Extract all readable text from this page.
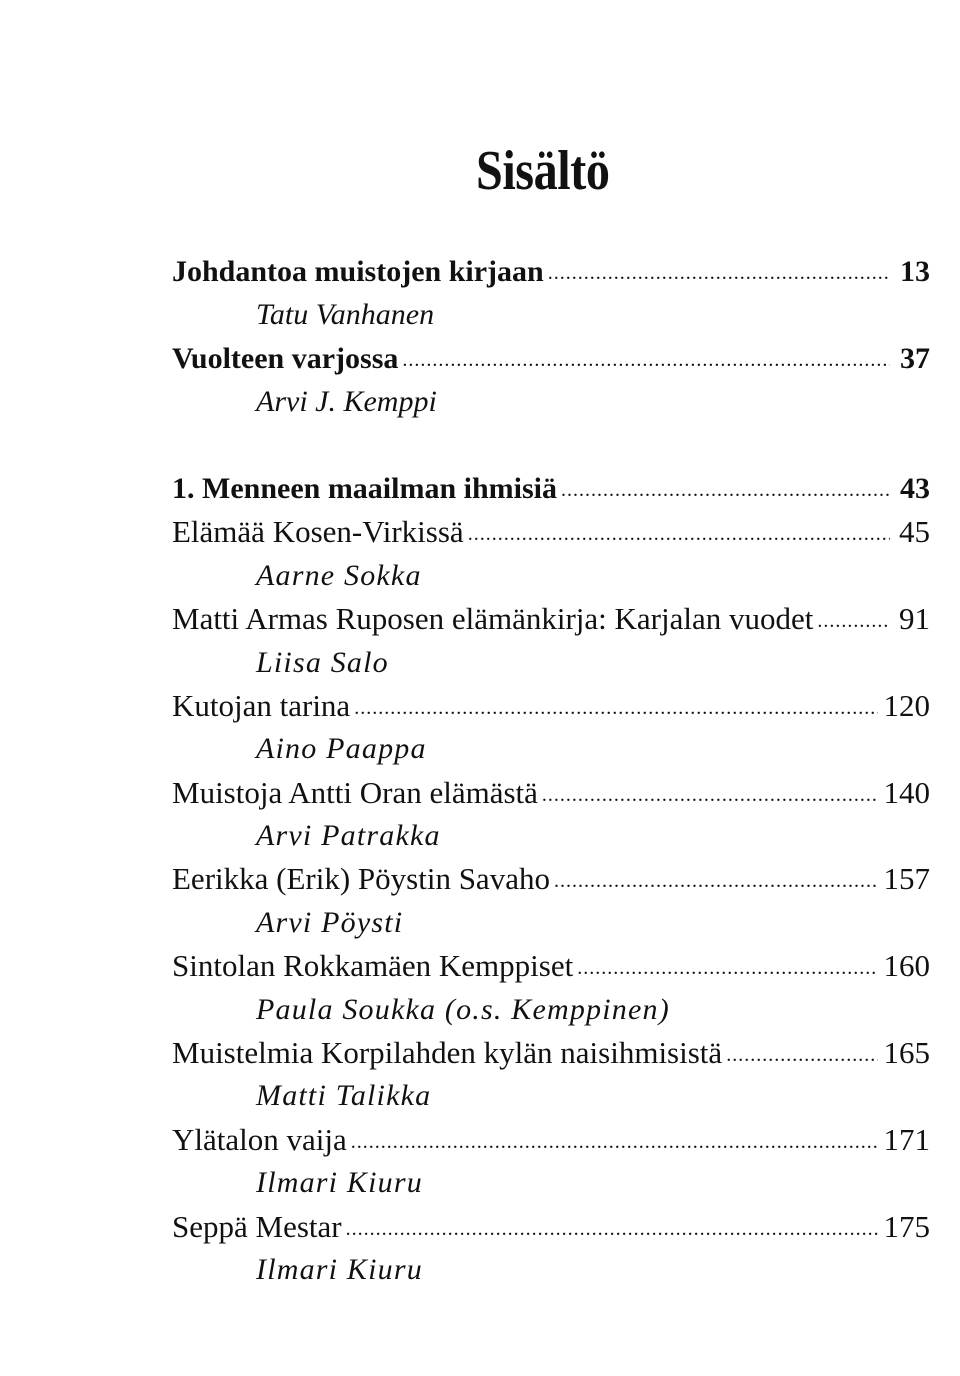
Sisältö
Johdantoa muistojen kirjaan .....	13
Tatu Vanhanen
Vuolteen varjossa .....	37
Arvi J. Kemppi
1. Menneen maailman ihmisiä .....	43
Elämää Kosen-Virkissä .....	45
Aarne Sokka
Matti Armas Ruposen elämänkirja: Karjalan vuodet .....	91
Liisa Salo
Kutojan tarina .....	120
Aino Paappa
Muistoja Antti Oran elämästä .....	140
Arvi Patrakka
Eerikka (Erik) Pöystin Savaho .....	157
Arvi Pöysti
Sintolan Rokkamäen Kemppiset .....	160
Paula Soukka (o.s. Kemppinen)
Muistelmia Korpilahden kylän naisihmisistä .....	165
Matti Talikka
Ylätalon vaija .....	171
Ilmari Kiuru
Seppä Mestar .....	175
Ilmari Kiuru
